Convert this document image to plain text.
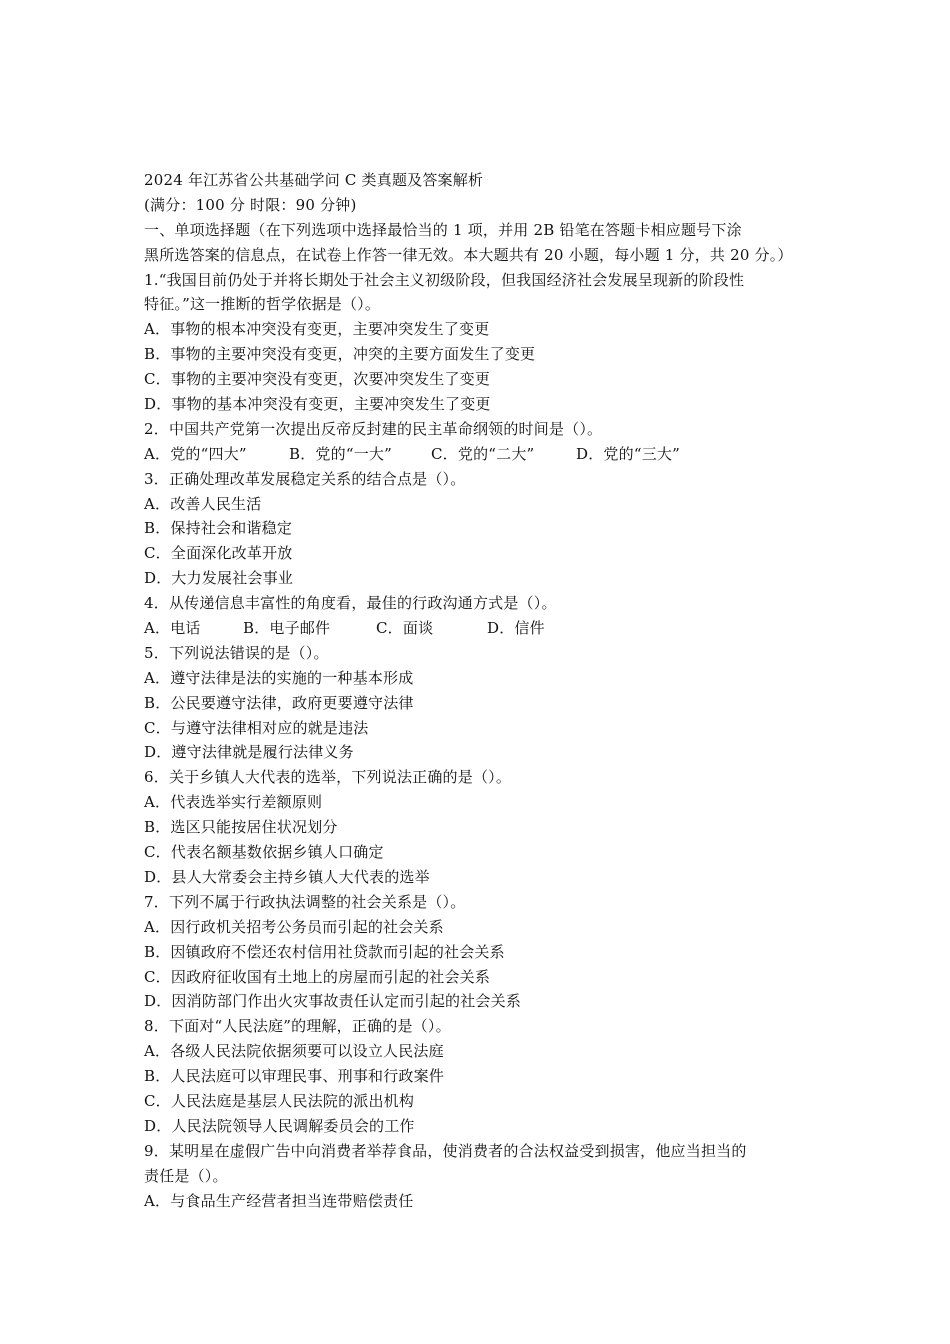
2024 年江苏省公共基础学问 C 类真题及答案解析
(满分：100 分 时限：90 分钟)
一、单项选择题（在下列选项中选择最恰当的 1 项，并用 2B 铅笔在答题卡相应题号下涂
黑所选答案的信息点，在试卷上作答一律无效。本大题共有 20 小题，每小题 1 分，共 20 分。）
1.“我国目前仍处于并将长期处于社会主义初级阶段，但我国经济社会发展呈现新的阶段性
特征。”这一推断的哲学依据是（）。
A．事物的根本冲突没有变更，主要冲突发生了变更
B．事物的主要冲突没有变更，冲突的主要方面发生了变更
C．事物的主要冲突没有变更，次要冲突发生了变更
D．事物的基本冲突没有变更，主要冲突发生了变更
2．中国共产党第一次提出反帝反封建的民主革命纲领的时间是（）。
A．党的“四大”	B．党的“一大”	C．党的“二大”	D．党的“三大”
3．正确处理改革发展稳定关系的结合点是（）。
A．改善人民生活
B．保持社会和谐稳定
C．全面深化改革开放
D．大力发展社会事业
4．从传递信息丰富性的角度看，最佳的行政沟通方式是（）。
A．电话	B．电子邮件	C．面谈	D．信件
5．下列说法错误的是（）。
A．遵守法律是法的实施的一种基本形成
B．公民要遵守法律，政府更要遵守法律
C．与遵守法律相对应的就是违法
D．遵守法律就是履行法律义务
6．关于乡镇人大代表的选举，下列说法正确的是（）。
A．代表选举实行差额原则
B．选区只能按居住状况划分
C．代表名额基数依据乡镇人口确定
D．县人大常委会主持乡镇人大代表的选举
7．下列不属于行政执法调整的社会关系是（）。
A．因行政机关招考公务员而引起的社会关系
B．因镇政府不偿还农村信用社贷款而引起的社会关系
C．因政府征收国有土地上的房屋而引起的社会关系
D．因消防部门作出火灾事故责任认定而引起的社会关系
8．下面对“人民法庭”的理解，正确的是（）。
A．各级人民法院依据须要可以设立人民法庭
B．人民法庭可以审理民事、刑事和行政案件
C．人民法庭是基层人民法院的派出机构
D．人民法院领导人民调解委员会的工作
9．某明星在虚假广告中向消费者举荐食品，使消费者的合法权益受到损害，他应当担当的
责任是（）。
A．与食品生产经营者担当连带赔偿责任
